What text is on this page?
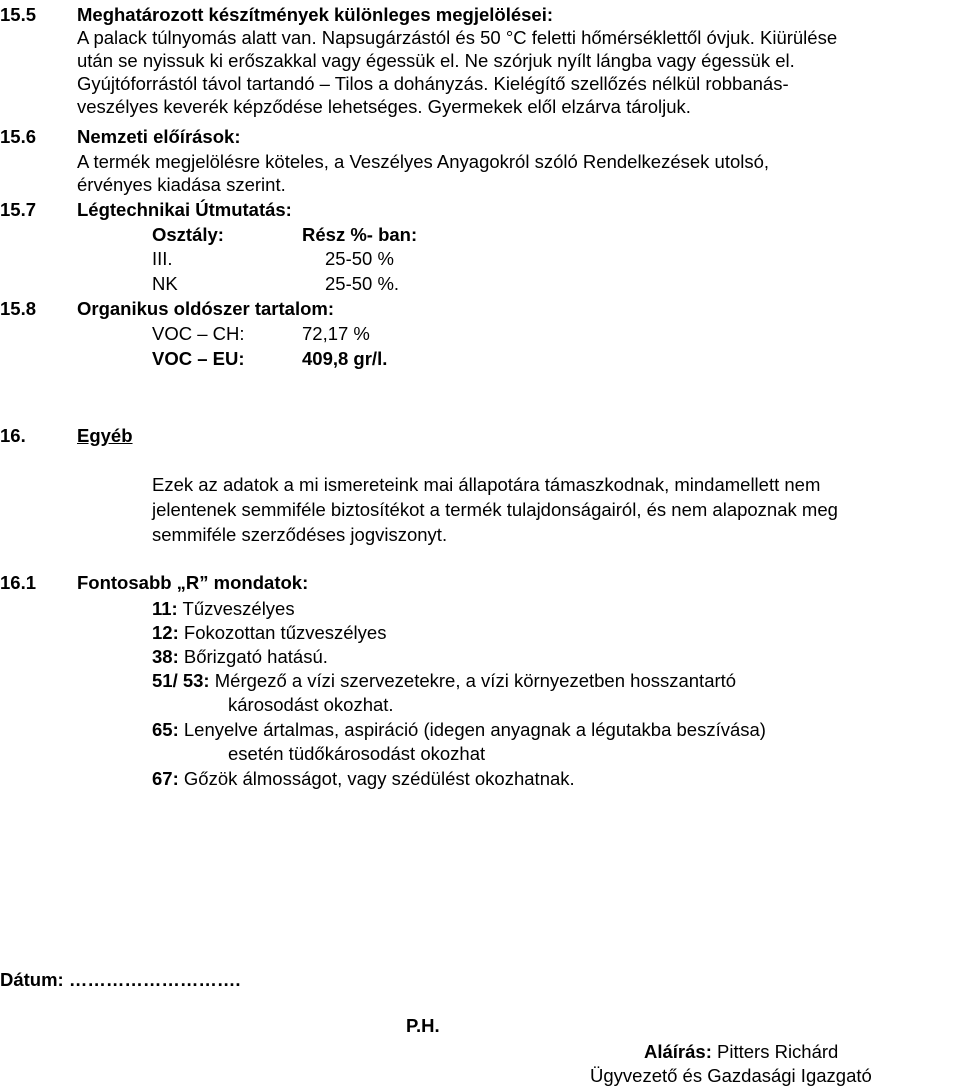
15.5 Meghatározott készítmények különleges megjelölései:
A palack túlnyomás alatt van. Napsugárzástól és 50 °C feletti hőmérséklettől óvjuk. Kiürülése
után se nyissuk ki erőszakkal vagy égessük el. Ne szórjuk nyílt lángba vagy égessük el.
Gyújtóforrástól távol tartandó – Tilos a dohányzás. Kielégítő szellőzés nélkül robbanás-
veszélyes keverék képződése lehetséges. Gyermekek elől elzárva tároljuk.
15.6 Nemzeti előírások:
A termék megjelölésre köteles, a Veszélyes Anyagokról szóló Rendelkezések utolsó,
érvényes kiadása szerint.
15.7 Légtechnikai Útmutatás:
Osztály:	Rész %- ban:
III.	25-50 %
NK	25-50 %.
15.8 Organikus oldószer tartalom:
VOC – CH:	72,17 %
VOC – EU:	409,8 gr/l.
16.	Egyéb
Ezek az adatok a mi ismereteink mai állapotára támaszkodnak, mindamellett nem
jelentenek semmiféle biztosítékot a termék tulajdonságairól, és nem alapoznak meg
semmiféle szerződéses jogviszonyt.
16.1 Fontosabb „R” mondatok:
11: Tűzveszélyes
12: Fokozottan tűzveszélyes
38: Bőrizgató hatású.
51/ 53: Mérgező a vízi szervezetekre, a vízi környezetben hosszantartó
károsodást okozhat.
65: Lenyelve ártalmas, aspiráció (idegen anyagnak a légutakba beszívása)
esetén tüdőkárosodást okozhat
67: Gőzök álmosságot, vagy szédülést okozhatnak.
Dátum: ……………………….
P.H.
Aláírás: Pitters Richárd
Ügyvezető és Gazdasági Igazgató
